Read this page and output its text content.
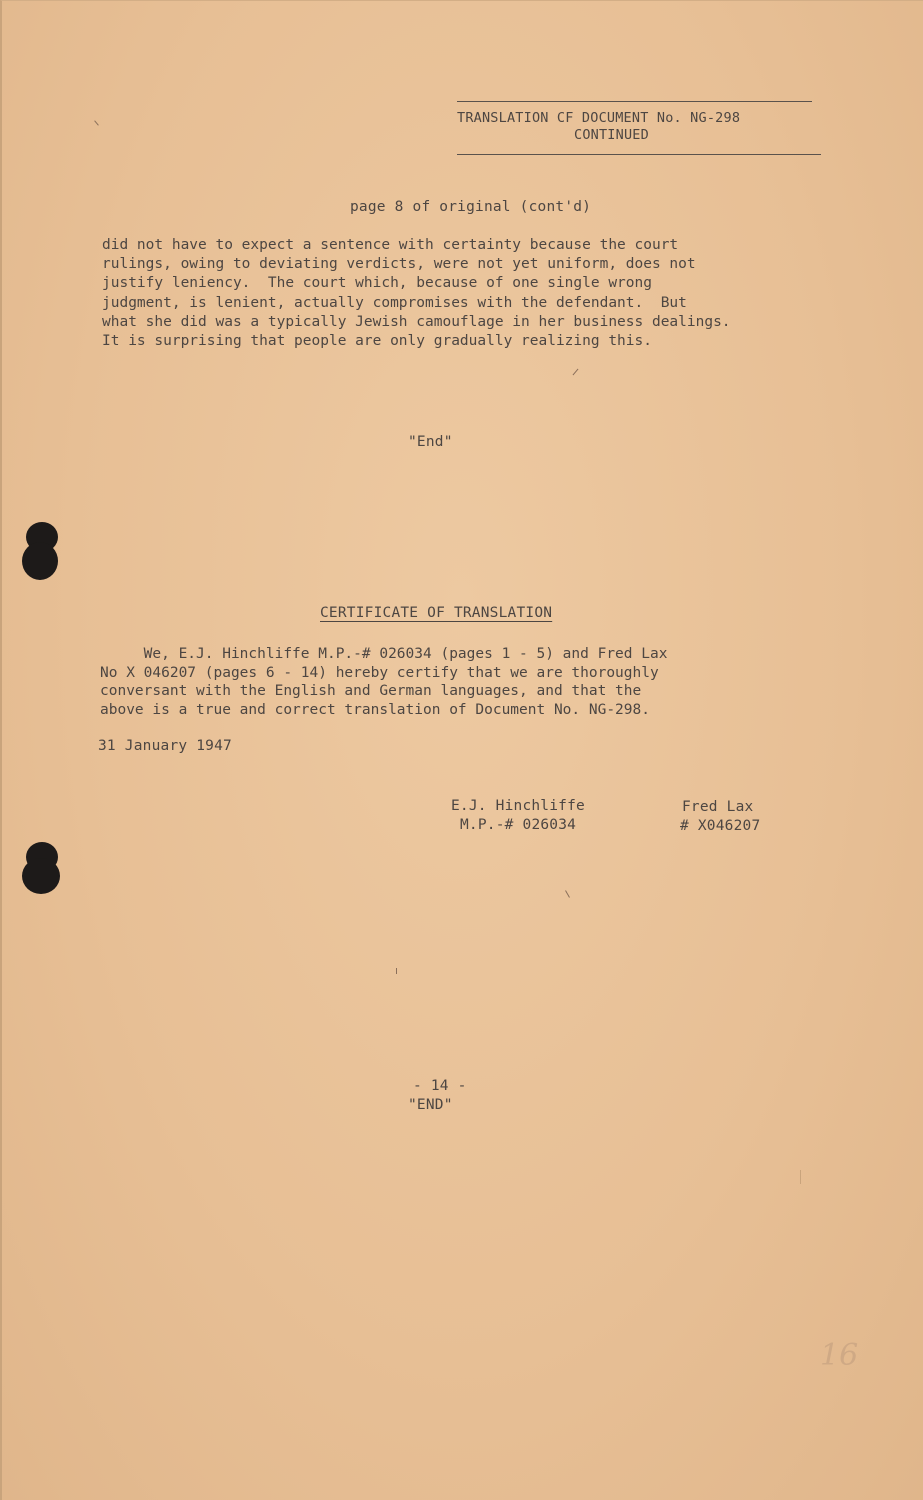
TRANSLATION CF DOCUMENT No. NG-298
CONTINUED
page 8 of original (cont'd)
did not have to expect a sentence with certainty because the court
rulings, owing to deviating verdicts, were not yet uniform, does not
justify leniency.  The court which, because of one single wrong
judgment, is lenient, actually compromises with the defendant.  But
what she did was a typically Jewish camouflage in her business dealings.
It is surprising that people are only gradually realizing this.
"End"
CERTIFICATE OF TRANSLATION
We, E.J. Hinchliffe M.P.-# 026034 (pages 1 - 5) and Fred Lax
No X 046207 (pages 6 - 14) hereby certify that we are thoroughly
conversant with the English and German languages, and that the
above is a true and correct translation of Document No. NG-298.
31 January 1947
E.J. Hinchliffe
M.P.-# 026034
Fred Lax
# X046207
- 14 -
"END"
16
